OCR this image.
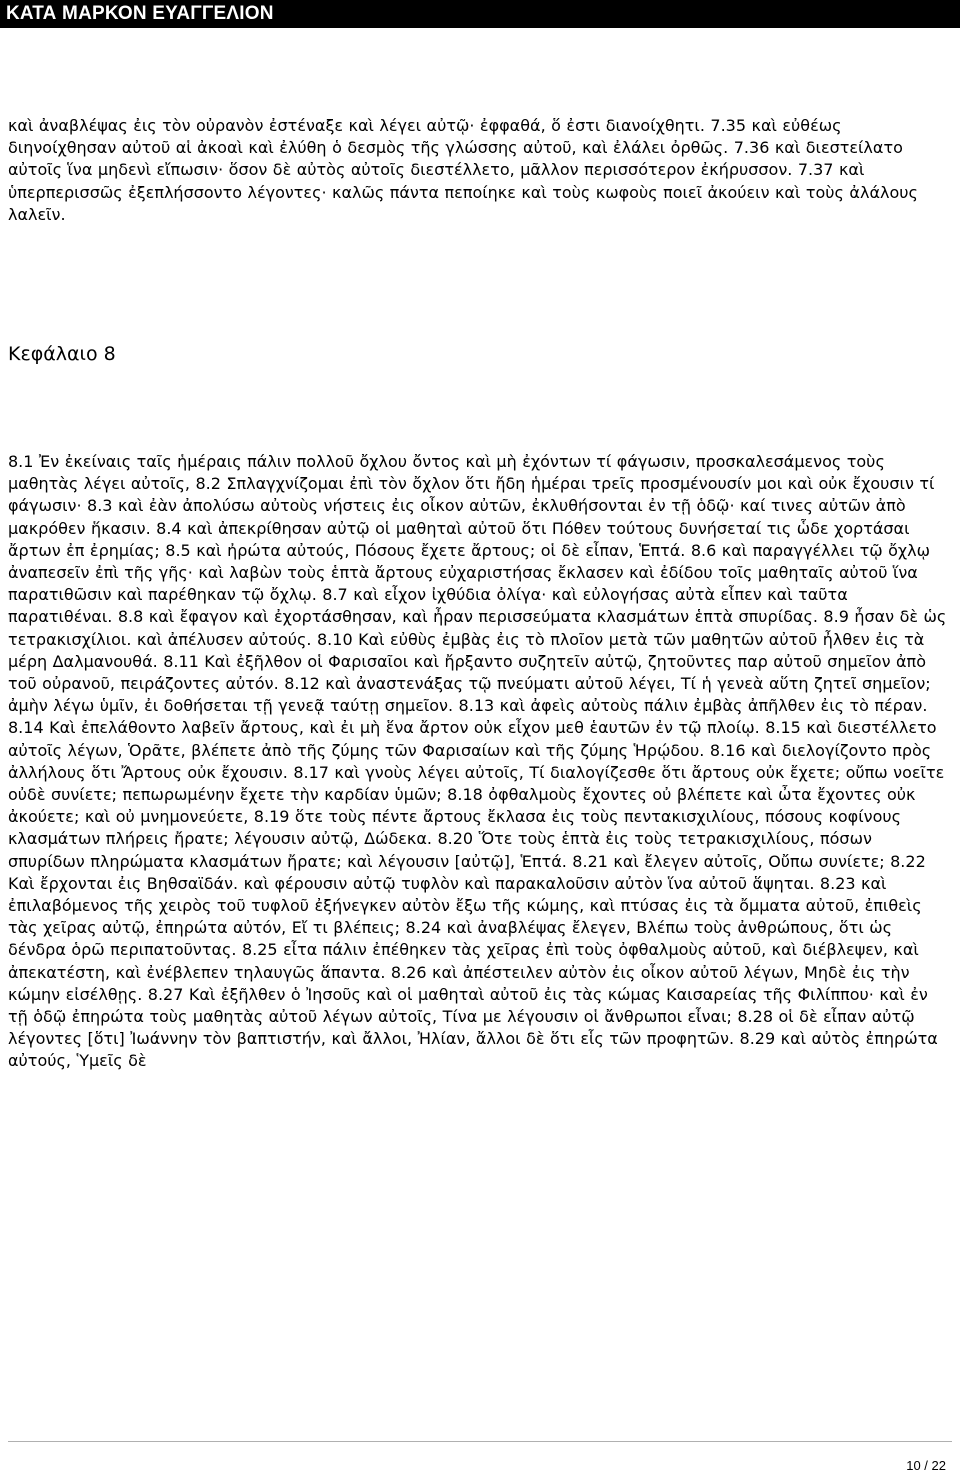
ΚΑΤΑ ΜΑΡΚΟΝ ΕΥΑΓΓΕΛΙΟΝ

καὶ ἀναβλέψας ἐις τὸν οὐρανὸν ἐστέναξε καὶ λέγει αὐτῷ· ἐφφαθά, ὅ ἐστι διανοίχθητι. 7.35 καὶ εὐθέως διηνοίχθησαν αὐτοῦ αἱ ἀκοαὶ καὶ ἐλύθη ὁ δεσμὸς τῆς γλώσσης αὐτοῦ, καὶ ἐλάλει ὀρθῶς. 7.36 καὶ διεστείλατο αὐτοῖς ἵνα μηδενὶ εἴπωσιν· ὅσον δὲ αὐτὸς αὐτοῖς διεστέλλετο, μᾶλλον περισσότερον ἐκήρυσσον. 7.37 καὶ ὑπερπερισσῶς ἐξεπλήσσοντο λέγοντες· καλῶς πάντα πεποίηκε καὶ τοὺς κωφοὺς ποιεῖ ἀκούειν καὶ τοὺς ἀλάλους λαλεῖν.

Κεφάλαιο 8

8.1 Ἐν ἐκείναις ταῖς ἡμέραις πάλιν πολλοῦ ὄχλου ὄντος καὶ μὴ ἐχόντων τί φάγωσιν, προσκαλεσάμενος τοὺς μαθητὰς λέγει αὐτοῖς, 8.2 Σπλαγχνίζομαι ἐπὶ τὸν ὄχλον ὅτι ἤδη ἡμέραι τρεῖς προσμένουσίν μοι καὶ οὐκ ἔχουσιν τί φάγωσιν· 8.3 καὶ ἐὰν ἀπολύσω αὐτοὺς νήστεις ἐις οἶκον αὐτῶν, ἐκλυθήσονται ἐν τῇ ὁδῷ· καί τινες αὐτῶν ἀπὸ μακρόθεν ἥκασιν. 8.4 καὶ ἀπεκρίθησαν αὐτῷ οἱ μαθηταὶ αὐτοῦ ὅτι Πόθεν τούτους δυνήσεταί τις ὧδε χορτάσαι ἄρτων ἐπ ἐρημίας; 8.5 καὶ ἠρώτα αὐτούς, Πόσους ἔχετε ἄρτους; οἱ δὲ εἶπαν, Ἑπτά. 8.6 καὶ παραγγέλλει τῷ ὄχλῳ ἀναπεσεῖν ἐπὶ τῆς γῆς· καὶ λαβὼν τοὺς ἑπτὰ ἄρτους εὐχαριστήσας ἔκλασεν καὶ ἐδίδου τοῖς μαθηταῖς αὐτοῦ ἵνα παρατιθῶσιν καὶ παρέθηκαν τῷ ὄχλῳ. 8.7 καὶ εἶχον ἰχθύδια ὀλίγα· καὶ εὐλογήσας αὐτὰ εἶπεν καὶ ταῦτα παρατιθέναι. 8.8 καὶ ἔφαγον καὶ ἐχορτάσθησαν, καὶ ἦραν περισσεύματα κλασμάτων ἑπτὰ σπυρίδας. 8.9 ἦσαν δὲ ὡς τετρακισχίλιοι. καὶ ἀπέλυσεν αὐτούς. 8.10 Καὶ εὐθὺς ἐμβὰς ἐις τὸ πλοῖον μετὰ τῶν μαθητῶν αὐτοῦ ἦλθεν ἐις τὰ μέρη Δαλμανουθά. 8.11 Καὶ ἐξῆλθον οἱ Φαρισαῖοι καὶ ἤρξαντο συζητεῖν αὐτῷ, ζητοῦντες παρ αὐτοῦ σημεῖον ἀπὸ τοῦ οὐρανοῦ, πειράζοντες αὐτόν. 8.12 καὶ ἀναστενάξας τῷ πνεύματι αὐτοῦ λέγει, Τί ἡ γενεὰ αὕτη ζητεῖ σημεῖον; ἀμὴν λέγω ὑμῖν, ἐι δοθήσεται τῇ γενεᾷ ταύτῃ σημεῖον. 8.13 καὶ ἀφεὶς αὐτοὺς πάλιν ἐμβὰς ἀπῆλθεν ἐις τὸ πέραν. 8.14 Καὶ ἐπελάθοντο λαβεῖν ἄρτους, καὶ ἐι μὴ ἕνα ἄρτον οὐκ εἶχον μεθ ἑαυτῶν ἐν τῷ πλοίῳ. 8.15 καὶ διεστέλλετο αὐτοῖς λέγων, Ὁρᾶτε, βλέπετε ἀπὸ τῆς ζύμης τῶν Φαρισαίων καὶ τῆς ζύμης Ἡρῴδου. 8.16 καὶ διελογίζοντο πρὸς ἀλλήλους ὅτι Ἄρτους οὐκ ἔχουσιν. 8.17 καὶ γνοὺς λέγει αὐτοῖς, Τί διαλογίζεσθε ὅτι ἄρτους οὐκ ἔχετε; οὔπω νοεῖτε οὐδὲ συνίετε; πεπωρωμένην ἔχετε τὴν καρδίαν ὑμῶν; 8.18 ὀφθαλμοὺς ἔχοντες οὐ βλέπετε καὶ ὦτα ἔχοντες οὐκ ἀκούετε; καὶ οὐ μνημονεύετε, 8.19 ὅτε τοὺς πέντε ἄρτους ἔκλασα ἐις τοὺς πεντακισχιλίους, πόσους κοφίνους κλασμάτων πλήρεις ἤρατε; λέγουσιν αὐτῷ, Δώδεκα. 8.20 Ὅτε τοὺς ἑπτὰ ἐις τοὺς τετρακισχιλίους, πόσων σπυρίδων πληρώματα κλασμάτων ἤρατε; καὶ λέγουσιν [αὐτῷ], Ἑπτά. 8.21 καὶ ἔλεγεν αὐτοῖς, Οὔπω συνίετε; 8.22 Καὶ ἔρχονται ἐις Βηθσαϊδάν. καὶ φέρουσιν αὐτῷ τυφλὸν καὶ παρακαλοῦσιν αὐτὸν ἵνα αὐτοῦ ἅψηται. 8.23 καὶ ἐπιλαβόμενος τῆς χειρὸς τοῦ τυφλοῦ ἐξήνεγκεν αὐτὸν ἔξω τῆς κώμης, καὶ πτύσας ἐις τὰ ὄμματα αὐτοῦ, ἐπιθεὶς τὰς χεῖρας αὐτῷ, ἐπηρώτα αὐτόν, Εἴ τι βλέπεις; 8.24 καὶ ἀναβλέψας ἔλεγεν, Βλέπω τοὺς ἀνθρώπους, ὅτι ὡς δένδρα ὁρῶ περιπατοῦντας. 8.25 εἶτα πάλιν ἐπέθηκεν τὰς χεῖρας ἐπὶ τοὺς ὀφθαλμοὺς αὐτοῦ, καὶ διέβλεψεν, καὶ ἀπεκατέστη, καὶ ἐνέβλεπεν τηλαυγῶς ἅπαντα. 8.26 καὶ ἀπέστειλεν αὐτὸν ἐις οἶκον αὐτοῦ λέγων, Μηδὲ ἐις τὴν κώμην εἰσέλθῃς. 8.27 Καὶ ἐξῆλθεν ὁ Ἰησοῦς καὶ οἱ μαθηταὶ αὐτοῦ ἐις τὰς κώμας Καισαρείας τῆς Φιλίππου· καὶ ἐν τῇ ὁδῷ ἐπηρώτα τοὺς μαθητὰς αὐτοῦ λέγων αὐτοῖς, Τίνα με λέγουσιν οἱ ἄνθρωποι εἶναι; 8.28 οἱ δὲ εἶπαν αὐτῷ λέγοντες [ὅτι] Ἰωάννην τὸν βαπτιστήν, καὶ ἄλλοι, Ἠλίαν, ἄλλοι δὲ ὅτι εἷς τῶν προφητῶν. 8.29 καὶ αὐτὸς ἐπηρώτα αὐτούς, Ὑμεῖς δὲ

10 / 22
